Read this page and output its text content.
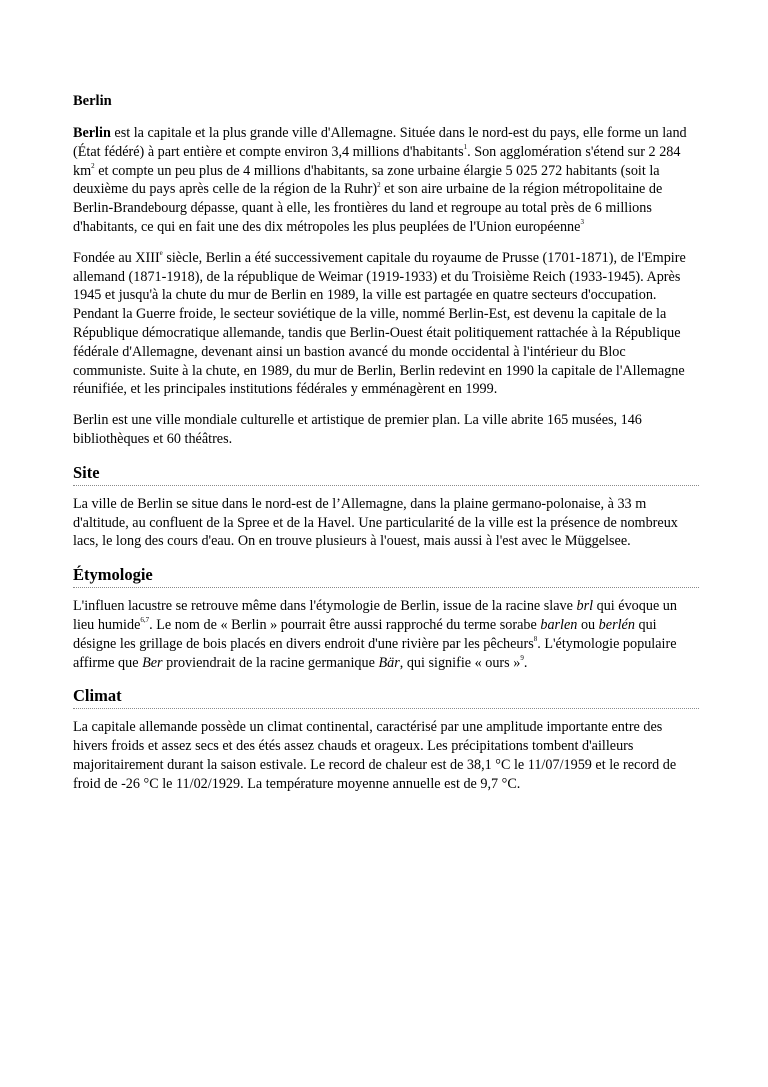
Berlin

Berlin est la capitale et la plus grande ville d'Allemagne. Située dans le nord-est du pays, elle forme un land (État fédéré) à part entière et compte environ 3,4 millions d'habitants$^1$. Son agglomération s'étend sur 2 284 $km^2$ et compte un peu plus de 4 millions d'habitants, sa zone urbaine élargie 5 025 272 habitants (soit la deuxième du pays après celle de la région de la Ruhr)$^2$ et son aire urbaine de la région métropolitaine de Berlin-Brandebourg dépasse, quant à elle, les frontières du land et regroupe au total près de 6 millions d'habitants, ce qui en fait une des dix métropoles les plus peuplées de l'Union européenne$^3$

Fondée au XIIIe siècle, Berlin a été successivement capitale du royaume de Prusse (1701-1871), de l'Empire allemand (1871-1918), de la république de Weimar (1919-1933) et du Troisième Reich (1933-1945). Après 1945 et jusqu'à la chute du mur de Berlin en 1989, la ville est partagée en quatre secteurs d'occupation. Pendant la Guerre froide, le secteur soviétique de la ville, nommé Berlin-Est, est devenu la capitale de la République démocratique allemande, tandis que Berlin-Ouest était politiquement rattachée à la République fédérale d'Allemagne, devenant ainsi un bastion avancé du monde occidental à l'intérieur du Bloc communiste. Suite à la chute, en 1989, du mur de Berlin, Berlin redevint en 1990 la capitale de l'Allemagne réunifiée, et les principales institutions fédérales y emménagèrent en 1999.

Berlin est une ville mondiale culturelle et artistique de premier plan. La ville abrite 165 musées, 146 bibliothèques et 60 théâtres.

Site

La ville de Berlin se situe dans le nord-est de l’Allemagne, dans la plaine germano-polonaise, à 33 m d'altitude, au confluent de la Spree et de la Havel. Une particularité de la ville est la présence de nombreux lacs, le long des cours d'eau. On en trouve plusieurs à l'ouest, mais aussi à l'est avec le Müggelsee.

Étymologie

L'influen lacustre se retrouve même dans l'étymologie de Berlin, issue de la racine slave brl qui évoque un lieu humide$^{6,7}$. Le nom de « Berlin » pourrait être aussi rapproché du terme sorabe barlen ou berlén qui désigne les grillage de bois placés en divers endroit d'une rivière par les pêcheurs$^8$. L'étymologie populaire affirme que Ber proviendrait de la racine germanique Bär, qui signifie « ours »$^9$.

Climat

La capitale allemande possède un climat continental, caractérisé par une amplitude importante entre des hivers froids et assez secs et des étés assez chauds et orageux. Les précipitations tombent d'ailleurs majoritairement durant la saison estivale. Le record de chaleur est de 38,1 °C le 11/07/1959 et le record de froid de -26 °C le 11/02/1929. La température moyenne annuelle est de 9,7 °C.
